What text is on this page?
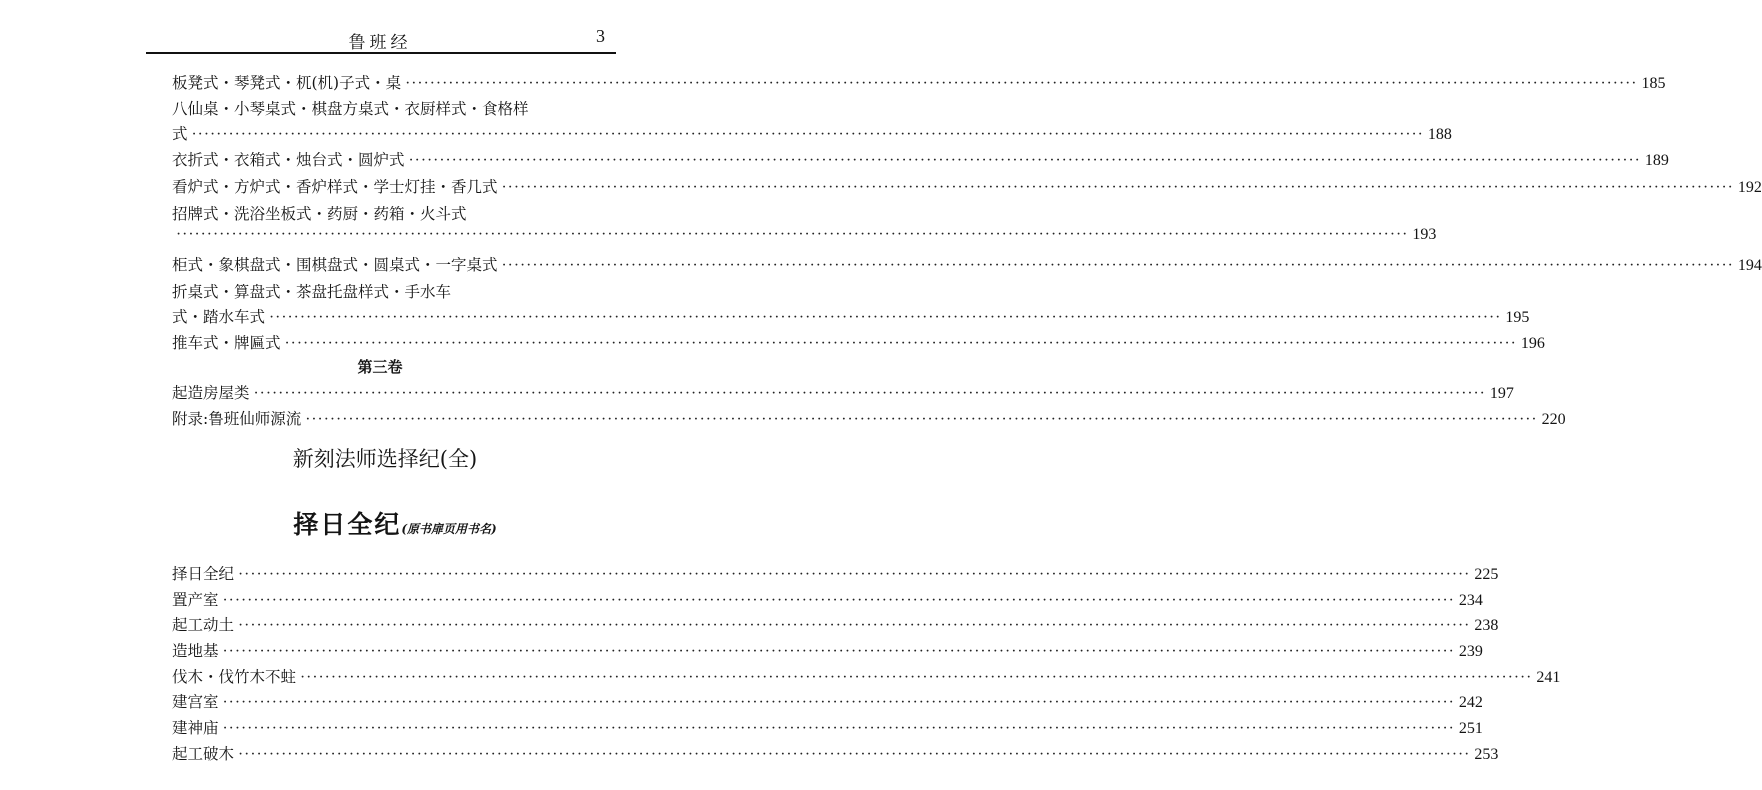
鲁班经	3
板凳式・琴凳式・杌(机)子式・桌 ········································································································································································································ 185
八仙桌・小琴桌式・棋盘方桌式・衣厨样式・食格样
式 ········································································································································································································ 188
衣折式・衣箱式・烛台式・圆炉式 ········································································································································································································ 189
看炉式・方炉式・香炉样式・学士灯挂・香几式 ········································································································································································································ 192
招牌式・洗浴坐板式・药厨・药箱・火斗式
········································································································································································································ 193
柜式・象棋盘式・围棋盘式・圆桌式・一字桌式 ········································································································································································································ 194
折桌式・算盘式・茶盘托盘样式・手水车
式・踏水车式 ········································································································································································································ 195
推车式・牌匾式 ········································································································································································································ 196
第三卷
起造房屋类 ········································································································································································································ 197
附录:鲁班仙师源流 ········································································································································································································ 220
新刻法师选择纪(全)
择日全纪(原书扉页用书名)
择日全纪 ········································································································································································································ 225
置产室 ········································································································································································································ 234
起工动土 ········································································································································································································ 238
造地基 ········································································································································································································ 239
伐木・伐竹木不蛀 ········································································································································································································ 241
建宫室 ········································································································································································································ 242
建神庙 ········································································································································································································ 251
起工破木 ········································································································································································································ 253
